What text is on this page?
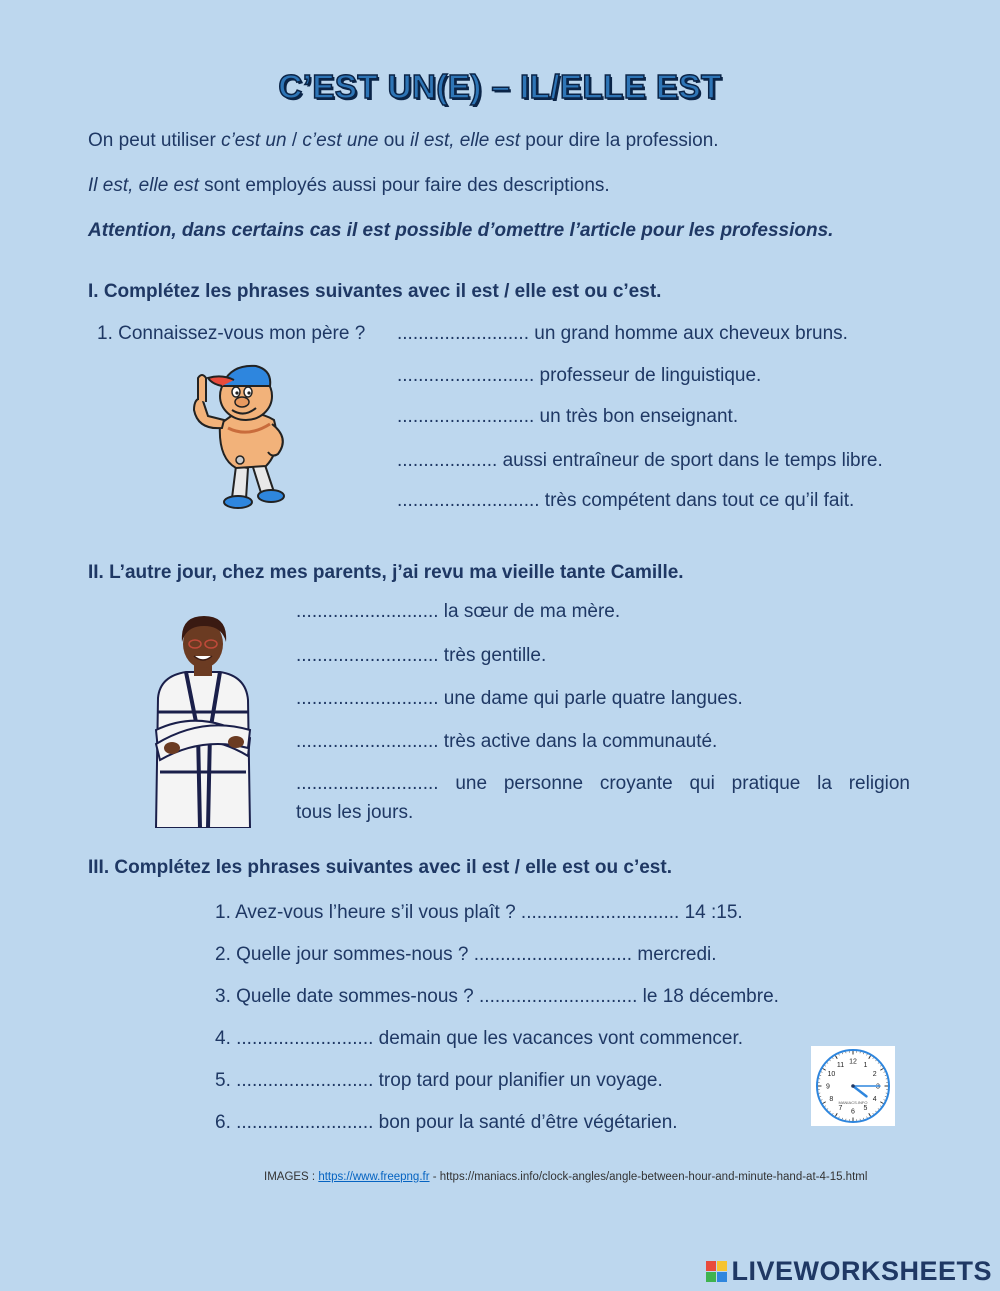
C’EST UN(E) – IL/ELLE EST
On peut utiliser c’est un / c’est une ou il est, elle est pour dire la profession.
Il est, elle est sont employés aussi pour faire des descriptions.
Attention, dans certains cas il est possible d’omettre l’article pour les professions.
I. Complétez les phrases suivantes avec il est / elle est ou c’est.
1. Connaissez-vous mon père ? ......................... un grand homme aux cheveux bruns.
.......................... professeur de linguistique.
.......................... un très bon enseignant.
................... aussi entraîneur de sport dans le temps libre.
........................... très compétent dans tout ce qu’il fait.
II. L’autre jour, chez mes parents, j’ai revu ma vieille tante Camille.
........................... la sœur de ma mère.
........................... très gentille.
........................... une dame qui parle quatre langues.
........................... très active dans la communauté.
........................... une personne croyante qui pratique la religion
tous les jours.
III. Complétez les phrases suivantes avec il est / elle est ou c’est.
1. Avez-vous l’heure s’il vous plaît ? .............................. 14 :15.
2. Quelle jour sommes-nous ? .............................. mercredi.
3. Quelle date sommes-nous ? .............................. le 18 décembre.
4. .......................... demain que les vacances vont commencer.
5. .......................... trop tard pour planifier un voyage.
6. .......................... bon pour la santé d’être végétarien.
12 1
2
3
4
5
6
7
8
9
10
11
MANIACS.INFO
IMAGES : https://www.freepng.fr - https://maniacs.info/clock-angles/angle-between-hour-and-minute-hand-at-4-15.html
LIVEWORKSHEETS
